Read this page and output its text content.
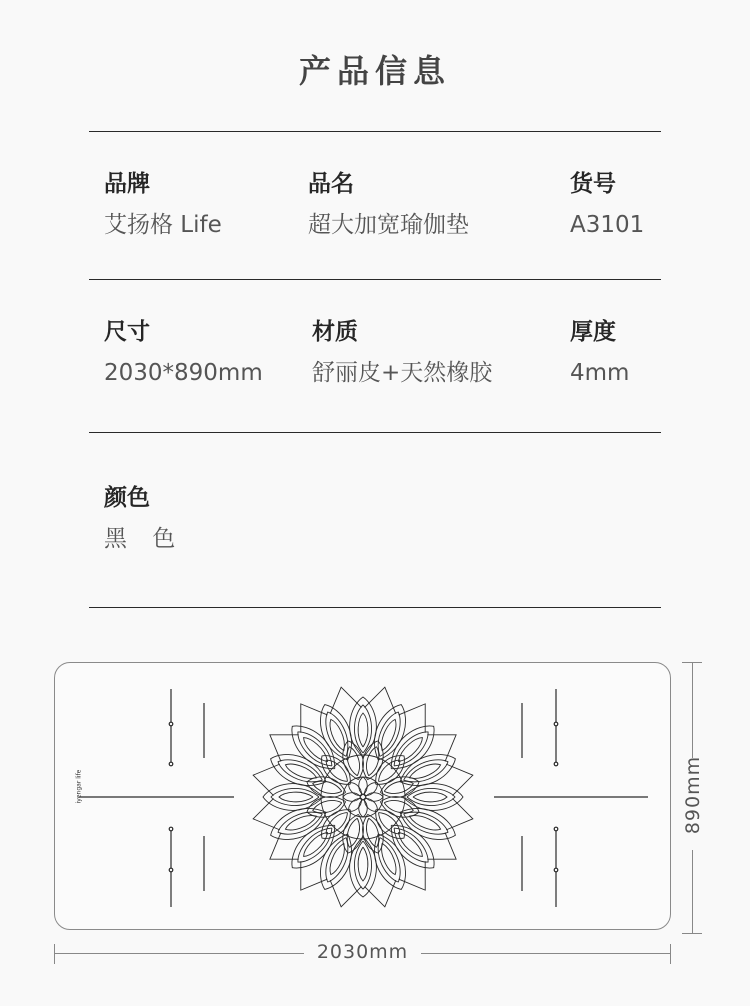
产品信息
品牌
艾扬格 Life
品名
超大加宽瑜伽垫
货号
A3101
尺寸
2030*890mm
材质
舒丽皮+天然橡胶
厚度
4mm
颜色
黑 色
iyengar life
2030mm
890mm
